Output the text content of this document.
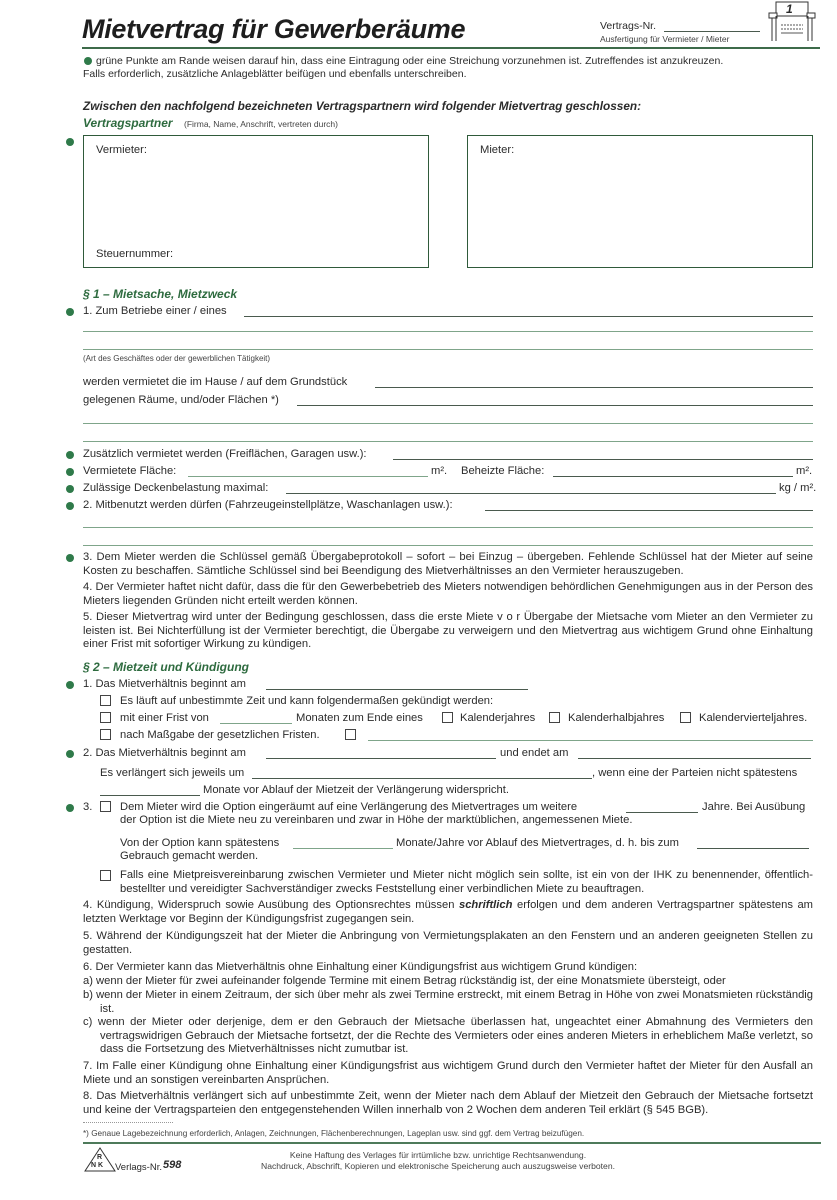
Mietvertrag für Gewerberäume	Vertrags-Nr.
Ausfertigung für Vermieter / Mieter
1
grüne Punkte am Rande weisen darauf hin, dass eine Eintragung oder eine Streichung vorzunehmen ist. Zutreffendes ist anzukreuzen.
Falls erforderlich, zusätzliche Anlageblätter beifügen und ebenfalls unterschreiben.
Zwischen den nachfolgend bezeichneten Vertragspartnern wird folgender Mietvertrag geschlossen:
Vertragspartner (Firma, Name, Anschrift, vertreten durch)
Vermieter:
Steuernummer:
Mieter:
§ 1 – Mietsache, Mietzweck
1. Zum Betriebe einer / eines
(Art des Geschäftes oder der gewerblichen Tätigkeit)
werden vermietet die im Hause / auf dem Grundstück
gelegenen Räume, und/oder Flächen *)
Zusätzlich vermietet werden (Freiflächen, Garagen usw.):
Vermietete Fläche:	m². Beheizte Fläche:	m².
Zulässige Deckenbelastung maximal:	kg / m².
2. Mitbenutzt werden dürfen (Fahrzeugeinstellplätze, Waschanlagen usw.):
3. Dem Mieter werden die Schlüssel gemäß Übergabeprotokoll – sofort – bei Einzug – übergeben. Fehlende Schlüssel hat der Mieter auf seine Kosten zu beschaffen. Sämtliche Schlüssel sind bei Beendigung des Mietverhältnisses an den Vermieter herauszugeben.
4. Der Vermieter haftet nicht dafür, dass die für den Gewerbebetrieb des Mieters notwendigen behördlichen Genehmigungen aus in der Person des Mieters liegenden Gründen nicht erteilt werden können.
5. Dieser Mietvertrag wird unter der Bedingung geschlossen, dass die erste Miete v o r Übergabe der Mietsache vom Mieter an den Vermieter zu leisten ist. Bei Nichterfüllung ist der Vermieter berechtigt, die Übergabe zu verweigern und den Mietvertrag aus wichtigem Grund ohne Einhaltung einer Frist mit sofortiger Wirkung zu kündigen.
§ 2 – Mietzeit und Kündigung
1. Das Mietverhältnis beginnt am
Es läuft auf unbestimmte Zeit und kann folgendermaßen gekündigt werden:
mit einer Frist von	Monaten zum Ende eines	Kalenderjahres	Kalenderhalbjahres	Kalendervierteljahres.
nach Maßgabe der gesetzlichen Fristen.
2. Das Mietverhältnis beginnt am	und endet am
Es verlängert sich jeweils um	, wenn eine der Parteien nicht spätestens
Monate vor Ablauf der Mietzeit der Verlängerung widerspricht.
3. Dem Mieter wird die Option eingeräumt auf eine Verlängerung des Mietvertrages um weitere	Jahre. Bei Ausübung
der Option ist die Miete neu zu vereinbaren und zwar in Höhe der marktüblichen, angemessenen Miete.
Von der Option kann spätestens	Monate/Jahre vor Ablauf des Mietvertrages, d. h. bis zum
Gebrauch gemacht werden.
Falls eine Mietpreisvereinbarung zwischen Vermieter und Mieter nicht möglich sein sollte, ist ein von der IHK zu benennender, öffentlich-bestellter und vereidigter Sachverständiger zwecks Feststellung einer verbindlichen Miete zu beauftragen.
4. Kündigung, Widerspruch sowie Ausübung des Optionsrechtes müssen schriftlich erfolgen und dem anderen Vertragspartner spätestens am letzten Werktage vor Beginn der Kündigungsfrist zugegangen sein.
5. Während der Kündigungszeit hat der Mieter die Anbringung von Vermietungsplakaten an den Fenstern und an anderen geeigneten Stellen zu gestatten.
6. Der Vermieter kann das Mietverhältnis ohne Einhaltung einer Kündigungsfrist aus wichtigem Grund kündigen:
a) wenn der Mieter für zwei aufeinander folgende Termine mit einem Betrag rückständig ist, der eine Monatsmiete übersteigt, oder
b) wenn der Mieter in einem Zeitraum, der sich über mehr als zwei Termine erstreckt, mit einem Betrag in Höhe von zwei Monatsmieten rückständig ist.
c) wenn der Mieter oder derjenige, dem er den Gebrauch der Mietsache überlassen hat, ungeachtet einer Abmahnung des Vermieters den vertragswidrigen Gebrauch der Mietsache fortsetzt, der die Rechte des Vermieters oder eines anderen Mieters in erheblichem Maße verletzt, so dass die Fortsetzung des Mietverhältnisses nicht zumutbar ist.
7. Im Falle einer Kündigung ohne Einhaltung einer Kündigungsfrist aus wichtigem Grund durch den Vermieter haftet der Mieter für den Ausfall an Miete und an sonstigen vereinbarten Ansprüchen.
8. Das Mietverhältnis verlängert sich auf unbestimmte Zeit, wenn der Mieter nach dem Ablauf der Mietzeit den Gebrauch der Mietsache fortsetzt und keine der Vertragsparteien den entgegenstehenden Willen innerhalb von 2 Wochen dem anderen Teil erklärt (§ 545 BGB).
*) Genaue Lagebezeichnung erforderlich, Anlagen, Zeichnungen, Flächenberechnungen, Lageplan usw. sind ggf. dem Vertrag beizufügen.
R
N K Verlags-Nr. 598
Keine Haftung des Verlages für irrtümliche bzw. unrichtige Rechtsanwendung.
Nachdruck, Abschrift, Kopieren und elektronische Speicherung auch auszugsweise verboten.
